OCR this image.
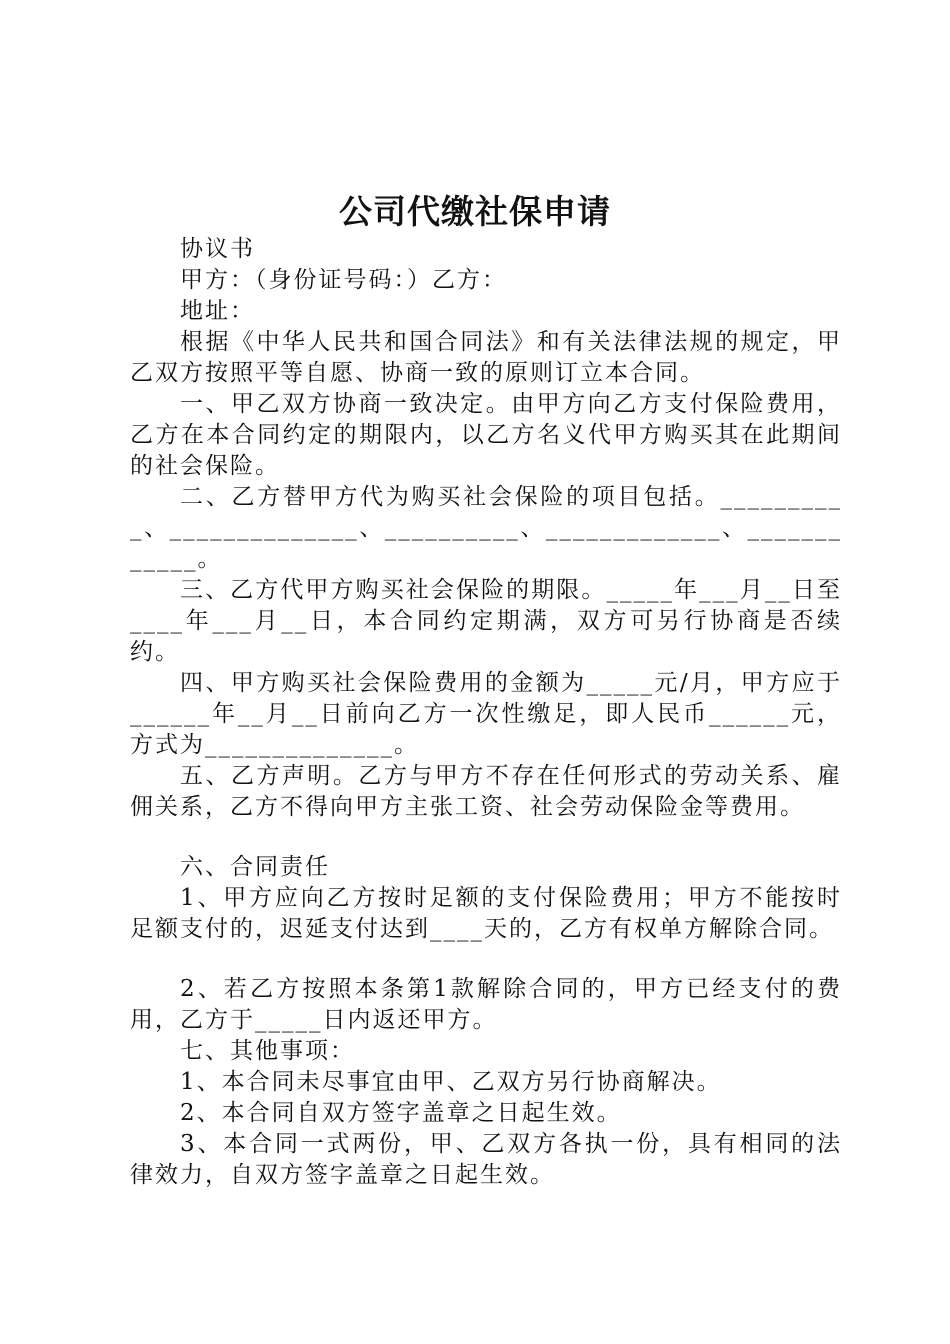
公司代缴社保申请

协议书

甲方：（身份证号码：）乙方：

地址：

根据《中华人民共和国合同法》和有关法律法规的规定，甲乙双方按照平等自愿、协商一致的原则订立本合同。

一、甲乙双方协商一致决定。由甲方向乙方支付保险费用，乙方在本合同约定的期限内，以乙方名义代甲方购买其在此期间的社会保险。

二、乙方替甲方代为购买社会保险的项目包括。__________、______________、__________、_____________、____________。

三、乙方代甲方购买社会保险的期限。_____年___月__日至____年___月__日，本合同约定期满，双方可另行协商是否续约。

四、甲方购买社会保险费用的金额为_____元/月，甲方应于______年__月__日前向乙方一次性缴足，即人民币______元，方式为______________。

五、乙方声明。乙方与甲方不存在任何形式的劳动关系、雇佣关系，乙方不得向甲方主张工资、社会劳动保险金等费用。

六、合同责任

1、甲方应向乙方按时足额的支付保险费用；甲方不能按时足额支付的，迟延支付达到____天的，乙方有权单方解除合同。

2、若乙方按照本条第1款解除合同的，甲方已经支付的费用，乙方于_____日内返还甲方。

七、其他事项：

1、本合同未尽事宜由甲、乙双方另行协商解决。

2、本合同自双方签字盖章之日起生效。

3、本合同一式两份，甲、乙双方各执一份，具有相同的法律效力，自双方签字盖章之日起生效。
